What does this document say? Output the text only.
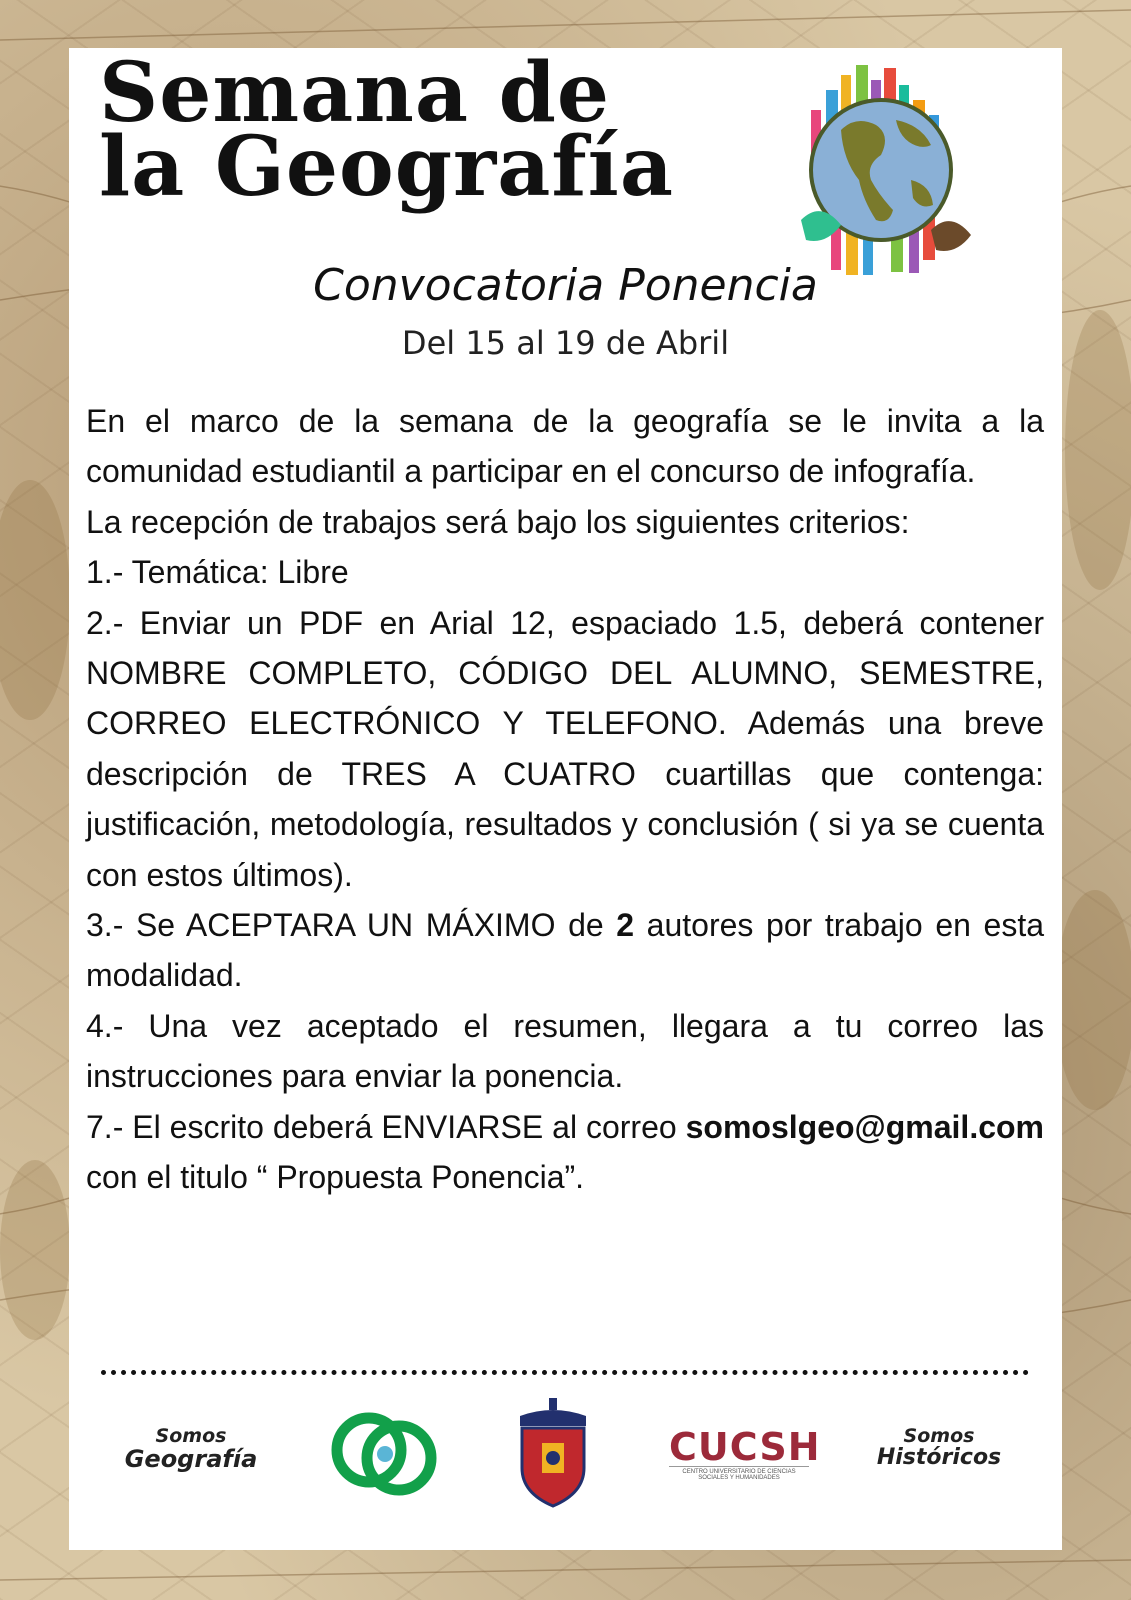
Semana de
la Geografía

Convocatoria Ponencia

Del 15 al 19 de Abril

En el marco de la semana de la geografía se le invita a la comunidad estudiantil a participar en el concurso de infografía.

La recepción de trabajos será bajo los siguientes criterios:

1.- Temática: Libre

2.- Enviar un PDF en Arial 12, espaciado 1.5, deberá contener NOMBRE COMPLETO, CÓDIGO DEL ALUMNO, SEMESTRE, CORREO ELECTRÓNICO Y TELEFONO. Además una breve descripción de TRES A CUATRO cuartillas que contenga: justificación, metodología, resultados y conclusión ( si ya se cuenta con estos últimos).

3.- Se ACEPTARA UN MÁXIMO de 2 autores por trabajo en esta modalidad.

4.- Una vez aceptado el resumen, llegara a tu correo las instrucciones para enviar la ponencia.

7.- El escrito deberá ENVIARSE al correo somoslgeo@gmail.com con el titulo “ Propuesta Ponencia”.

Somos
Geografía	CUCSH
CENTRO UNIVERSITARIO DE CIENCIAS SOCIALES Y HUMANIDADES
Somos
Históricos
